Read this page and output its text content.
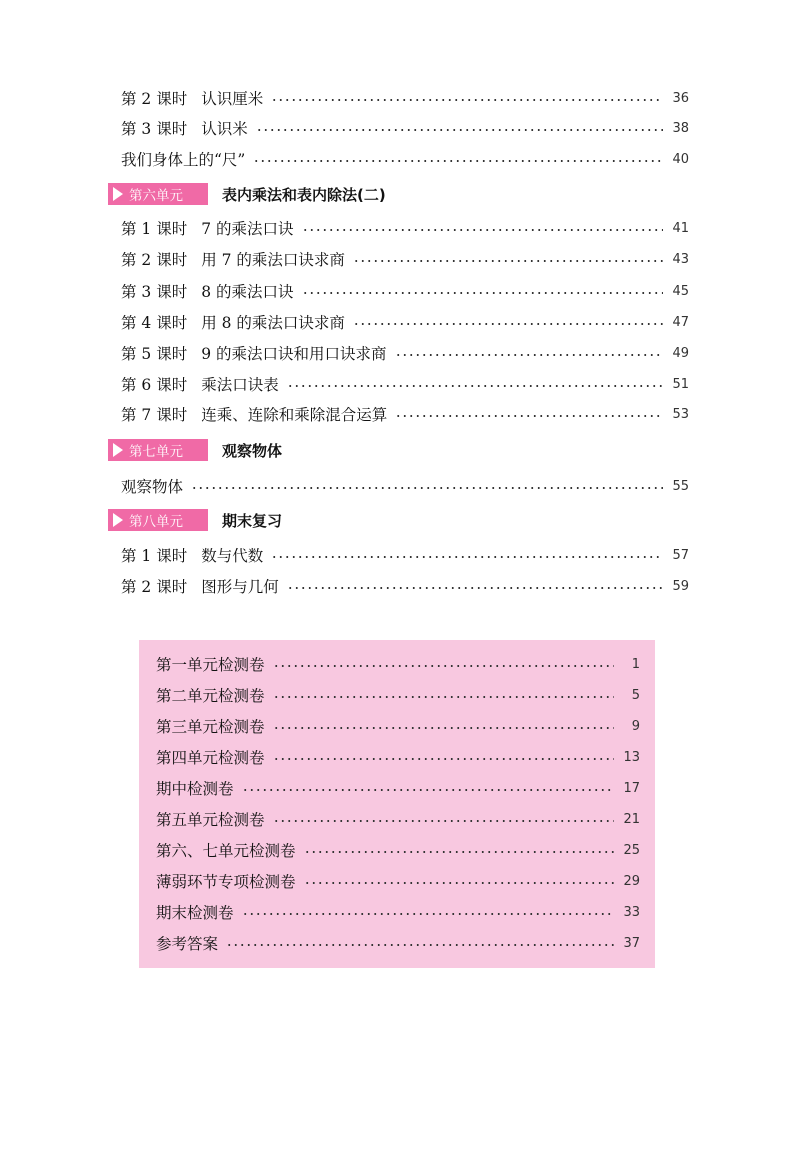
第 2 课时 认识厘米	36
第 3 课时 认识米	38
我们身体上的“尺”	40
第 1 课时 7 的乘法口诀	41
第 2 课时 用 7 的乘法口诀求商	43
第 3 课时 8 的乘法口诀	45
第 4 课时 用 8 的乘法口诀求商	47
第 5 课时 9 的乘法口诀和用口诀求商	49
第 6 课时 乘法口诀表	51
第 7 课时 连乘、连除和乘除混合运算	53
观察物体	55
第 1 课时 数与代数	57
第 2 课时 图形与几何	59
第六单元	表内乘法和表内除法(二)
第七单元	观察物体
第八单元	期末复习
第一单元检测卷	1
第二单元检测卷	5
第三单元检测卷	9
第四单元检测卷	13
期中检测卷	17
第五单元检测卷	21
第六、七单元检测卷	25
薄弱环节专项检测卷	29
期末检测卷	33
参考答案	37
